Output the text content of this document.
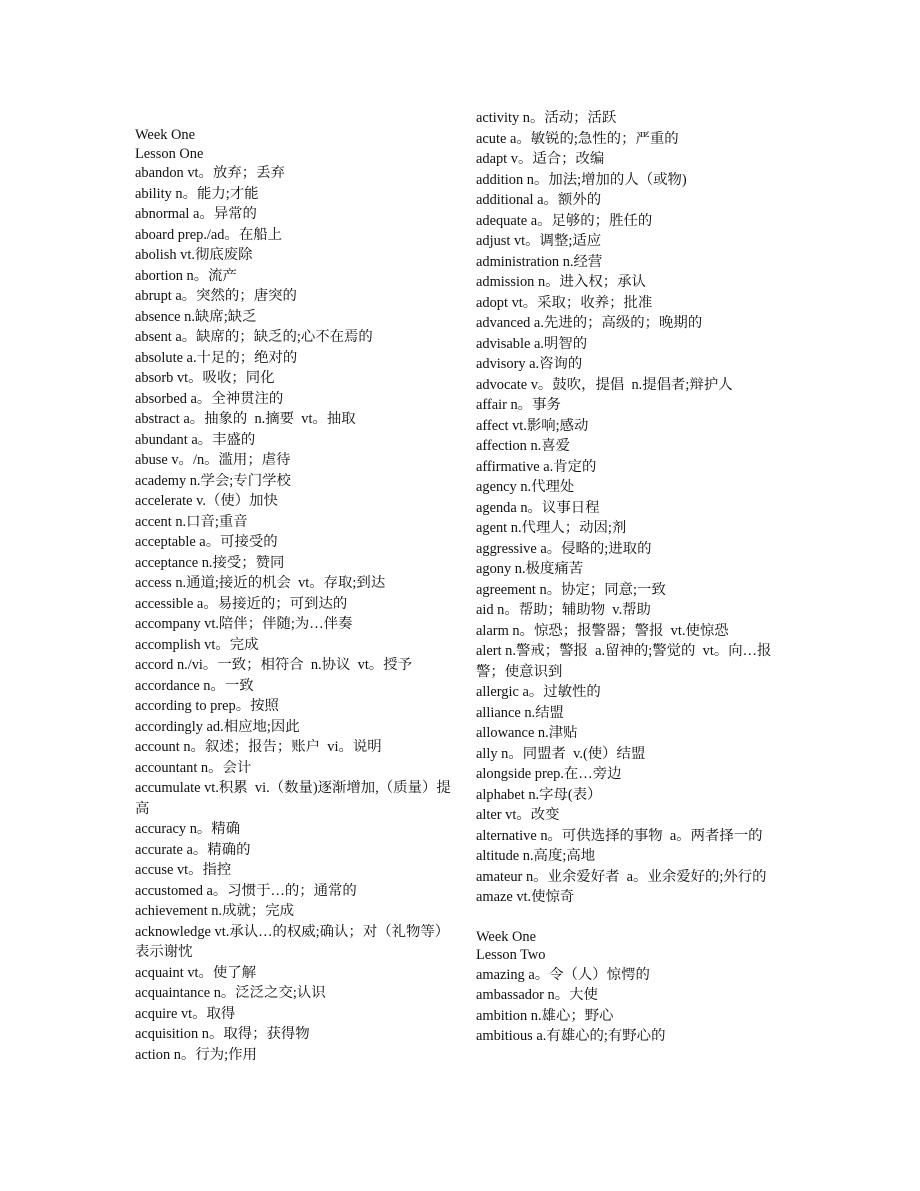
Week One
Lesson One
abandon vt。放弃；丢弃
ability n。能力;才能
abnormal a。异常的
aboard prep./ad。在船上
abolish vt.彻底废除
abortion n。流产
abrupt a。突然的；唐突的
absence n.缺席;缺乏
absent a。缺席的；缺乏的;心不在焉的
absolute a.十足的；绝对的
absorb vt。吸收；同化
absorbed a。全神贯注的
abstract a。抽象的  n.摘要  vt。抽取
abundant a。丰盛的
abuse v。/n。滥用；虐待
academy n.学会;专门学校
accelerate v.（使）加快
accent n.口音;重音
acceptable a。可接受的
acceptance n.接受；赞同
access n.通道;接近的机会  vt。存取;到达
accessible a。易接近的；可到达的
accompany vt.陪伴；伴随;为…伴奏
accomplish vt。完成
accord n./vi。一致；相符合  n.协议  vt。授予
accordance n。一致
according to prep。按照
accordingly ad.相应地;因此
account n。叙述；报告；账户  vi。说明
accountant n。会计
accumulate vt.积累  vi.（数量)逐渐增加,（质量）提高
accuracy n。精确
accurate a。精确的
accuse vt。指控
accustomed a。习惯于…的；通常的
achievement n.成就；完成
acknowledge vt.承认…的权威;确认；对（礼物等）表示谢忱
acquaint vt。使了解
acquaintance n。泛泛之交;认识
acquire vt。取得
acquisition n。取得；获得物
action n。行为;作用
activity n。活动；活跃
acute a。敏锐的;急性的；严重的
adapt v。适合；改编
addition n。加法;增加的人（或物)
additional a。额外的
adequate a。足够的；胜任的
adjust vt。调整;适应
administration n.经营
admission n。进入权；承认
adopt vt。采取；收养；批准
advanced a.先进的；高级的；晚期的
advisable a.明智的
advisory a.咨询的
advocate v。鼓吹，提倡  n.提倡者;辩护人
affair n。事务
affect vt.影响;感动
affection n.喜爱
affirmative a.肯定的
agency n.代理处
agenda n。议事日程
agent n.代理人；动因;剂
aggressive a。侵略的;进取的
agony n.极度痛苦
agreement n。协定；同意;一致
aid n。帮助；辅助物  v.帮助
alarm n。惊恐；报警器；警报  vt.使惊恐
alert n.警戒；警报  a.留神的;警觉的  vt。向…报警；使意识到
allergic a。过敏性的
alliance n.结盟
allowance n.津贴
ally n。同盟者  v.(使）结盟
alongside prep.在…旁边
alphabet n.字母(表）
alter vt。改变
alternative n。可供选择的事物  a。两者择一的
altitude n.高度;高地
amateur n。业余爱好者  a。业余爱好的;外行的
amaze vt.使惊奇
Week One
Lesson Two
amazing a。令（人）惊愕的
ambassador n。大使
ambition n.雄心；野心
ambitious a.有雄心的;有野心的
